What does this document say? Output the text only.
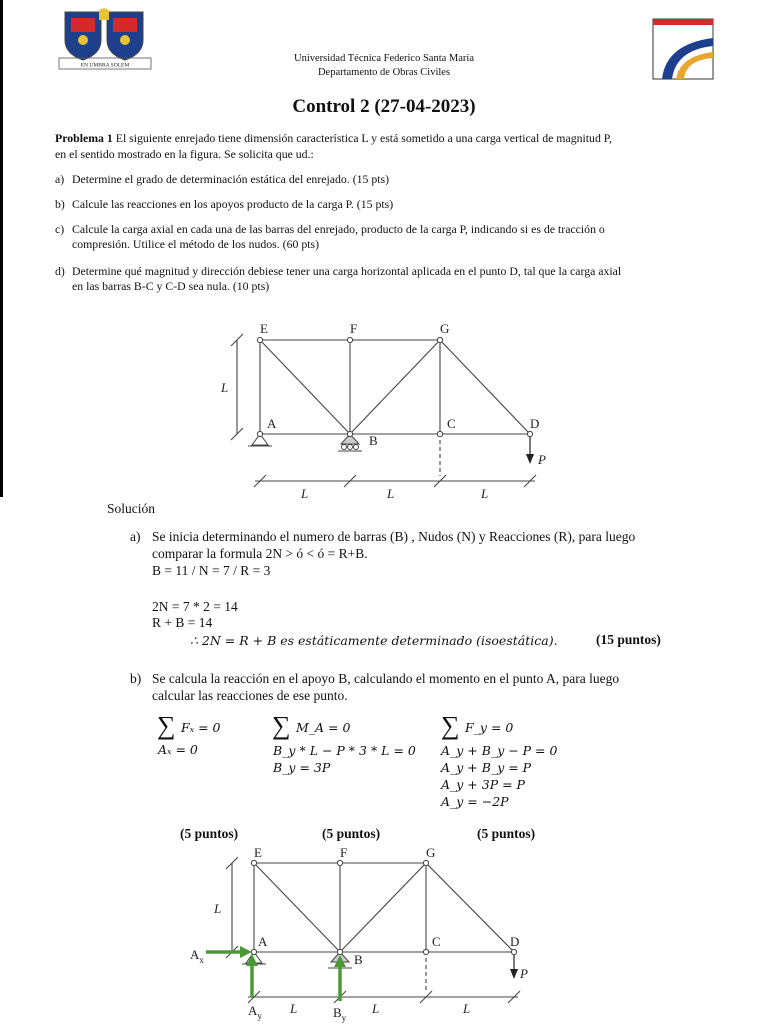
EN UMBRA SOLEM
Universidad Técnica Federico Santa María
Departamento de Obras Civiles
Control 2 (27-04-2023)
Problema 1 El siguiente enrejado tiene dimensión característica L y está sometido a una carga vertical de magnitud P,
en el sentido mostrado en la figura. Se solicita que ud.:
a) Determine el grado de determinación estática del enrejado. (15 pts)
b) Calcule las reacciones en los apoyos producto de la carga P. (15 pts)
c) Calcule la carga axial en cada una de las barras del enrejado, producto de la carga P, indicando si es de tracción o
compresión. Utilice el método de los nudos. (60 pts)
d) Determine qué magnitud y dirección debiese tener una carga horizontal aplicada en el punto D, tal que la carga axial
en las barras B-C y C-D sea nula. (10 pts)
E	F	G
A
B
C	D
P
L
L	L	L
Solución
a) Se inicia determinando el numero de barras (B) , Nudos (N) y Reacciones (R), para luego
comparar la formula 2N > ó < ó = R+B.
B = 11 / N = 7 / R = 3
2N = 7 * 2 = 14
R + B = 14
∴ 2N = R + B es estáticamente determinado (isoestática).	(15 puntos)
b) Se calcula la reacción en el apoyo B, calculando el momento en el punto A, para luego
calcular las reacciones de ese punto.
∑ Fₓ = 0
Aₓ = 0
∑ M_A = 0
B_y * L − P * 3 * L = 0
B_y = 3P
∑ F_y = 0
A_y + B_y − P = 0
A_y + B_y = P
A_y + 3P = P
A_y = −2P
(5 puntos)	(5 puntos)	(5 puntos)
E	F	G
A
B
C	D
P
L
L	L	L
$A_x$
$A_y$	$B_y$
